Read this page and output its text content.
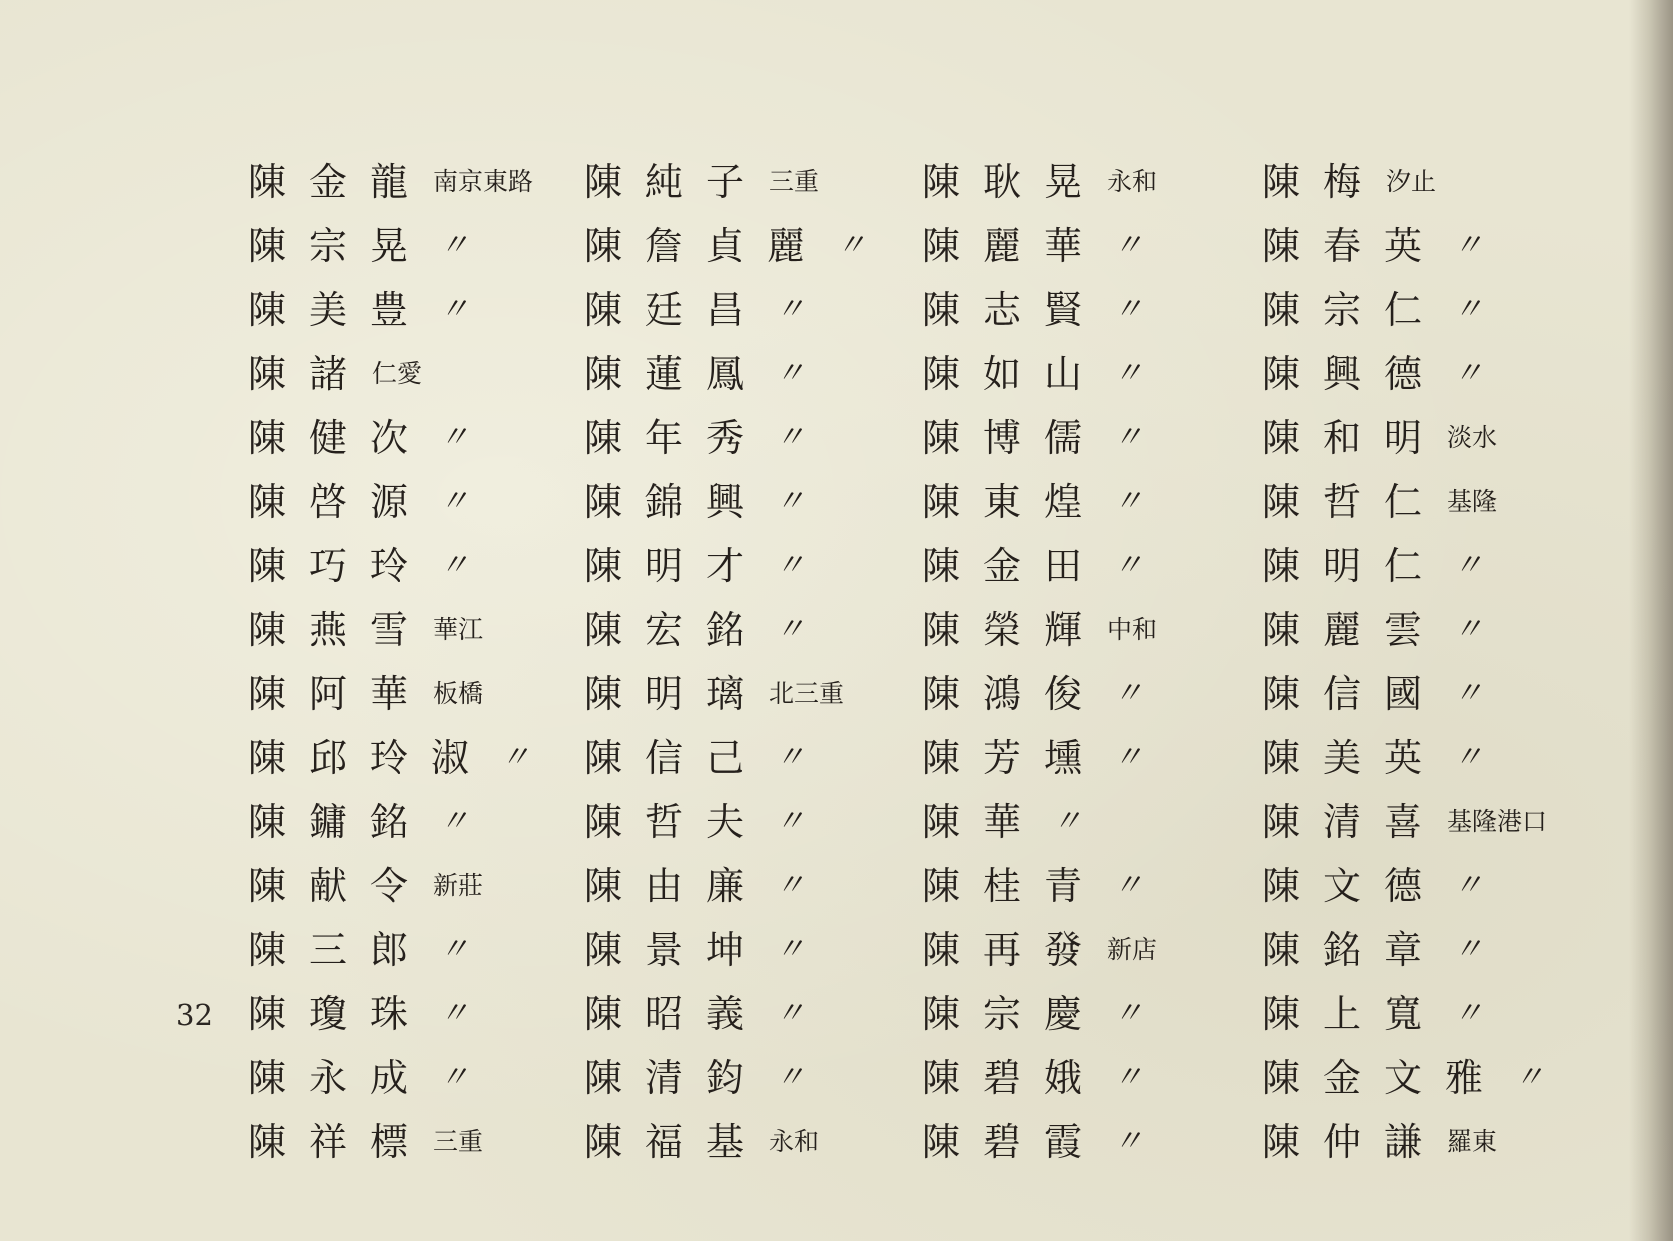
32
陳金龍南京東路
陳宗晃 〃
陳美豊 〃
陳諸仁愛
陳健次 〃
陳啓源 〃
陳巧玲 〃
陳燕雪華江
陳阿華板橋
陳邱玲淑 〃
陳鏞銘 〃
陳献令新莊
陳三郎 〃
陳瓊珠 〃
陳永成 〃
陳祥標三重
陳純子三重
陳詹貞麗 〃
陳廷昌 〃
陳蓮鳳 〃
陳年秀 〃
陳錦興 〃
陳明才 〃
陳宏銘 〃
陳明璃北三重
陳信己 〃
陳哲夫 〃
陳由廉 〃
陳景坤 〃
陳昭義 〃
陳清鈞 〃
陳福基永和
陳耿晃永和
陳麗華 〃
陳志賢 〃
陳如山 〃
陳博儒 〃
陳東煌 〃
陳金田 〃
陳榮輝中和
陳鴻俊 〃
陳芳壎 〃
陳華 〃
陳桂青 〃
陳再發新店
陳宗慶 〃
陳碧娥 〃
陳碧霞 〃
陳梅汐止
陳春英 〃
陳宗仁 〃
陳興德 〃
陳和明淡水
陳哲仁基隆
陳明仁 〃
陳麗雲 〃
陳信國 〃
陳美英 〃
陳清喜基隆港口
陳文德 〃
陳銘章 〃
陳上寬 〃
陳金文雅 〃
陳仲謙羅東
